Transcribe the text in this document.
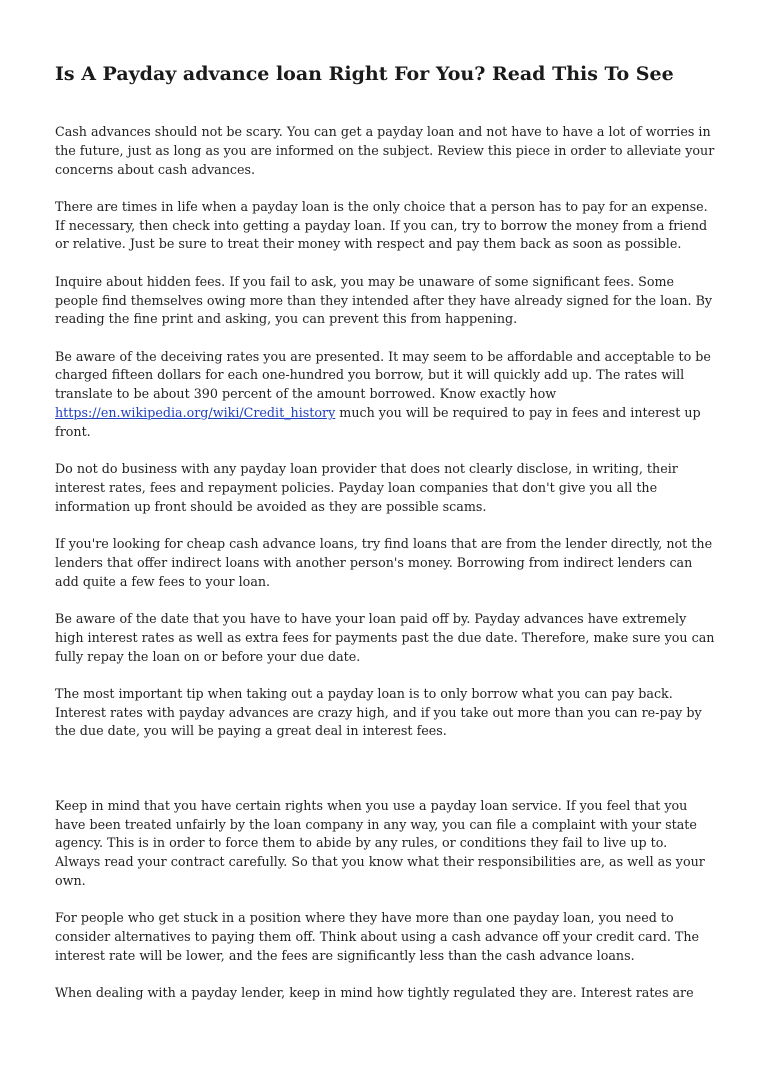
Is A Payday advance loan Right For You? Read This To See

Cash advances should not be scary. You can get a payday loan and not have to have a lot of worries in the future, just as long as you are informed on the subject. Review this piece in order to alleviate your concerns about cash advances.

There are times in life when a payday loan is the only choice that a person has to pay for an expense. If necessary, then check into getting a payday loan. If you can, try to borrow the money from a friend or relative. Just be sure to treat their money with respect and pay them back as soon as possible.

Inquire about hidden fees. If you fail to ask, you may be unaware of some significant fees. Some people find themselves owing more than they intended after they have already signed for the loan. By reading the fine print and asking, you can prevent this from happening.

Be aware of the deceiving rates you are presented. It may seem to be affordable and acceptable to be charged fifteen dollars for each one-hundred you borrow, but it will quickly add up. The rates will translate to be about 390 percent of the amount borrowed. Know exactly how https://en.wikipedia.org/wiki/Credit_history much you will be required to pay in fees and interest up front.

Do not do business with any payday loan provider that does not clearly disclose, in writing, their interest rates, fees and repayment policies. Payday loan companies that don't give you all the information up front should be avoided as they are possible scams.

If you're looking for cheap cash advance loans, try find loans that are from the lender directly, not the lenders that offer indirect loans with another person's money. Borrowing from indirect lenders can add quite a few fees to your loan.

Be aware of the date that you have to have your loan paid off by. Payday advances have extremely high interest rates as well as extra fees for payments past the due date. Therefore, make sure you can fully repay the loan on or before your due date.

The most important tip when taking out a payday loan is to only borrow what you can pay back. Interest rates with payday advances are crazy high, and if you take out more than you can re-pay by the due date, you will be paying a great deal in interest fees.

Keep in mind that you have certain rights when you use a payday loan service. If you feel that you have been treated unfairly by the loan company in any way, you can file a complaint with your state agency. This is in order to force them to abide by any rules, or conditions they fail to live up to. Always read your contract carefully. So that you know what their responsibilities are, as well as your own.

For people who get stuck in a position where they have more than one payday loan, you need to consider alternatives to paying them off. Think about using a cash advance off your credit card. The interest rate will be lower, and the fees are significantly less than the cash advance loans.

When dealing with a payday lender, keep in mind how tightly regulated they are. Interest rates are
